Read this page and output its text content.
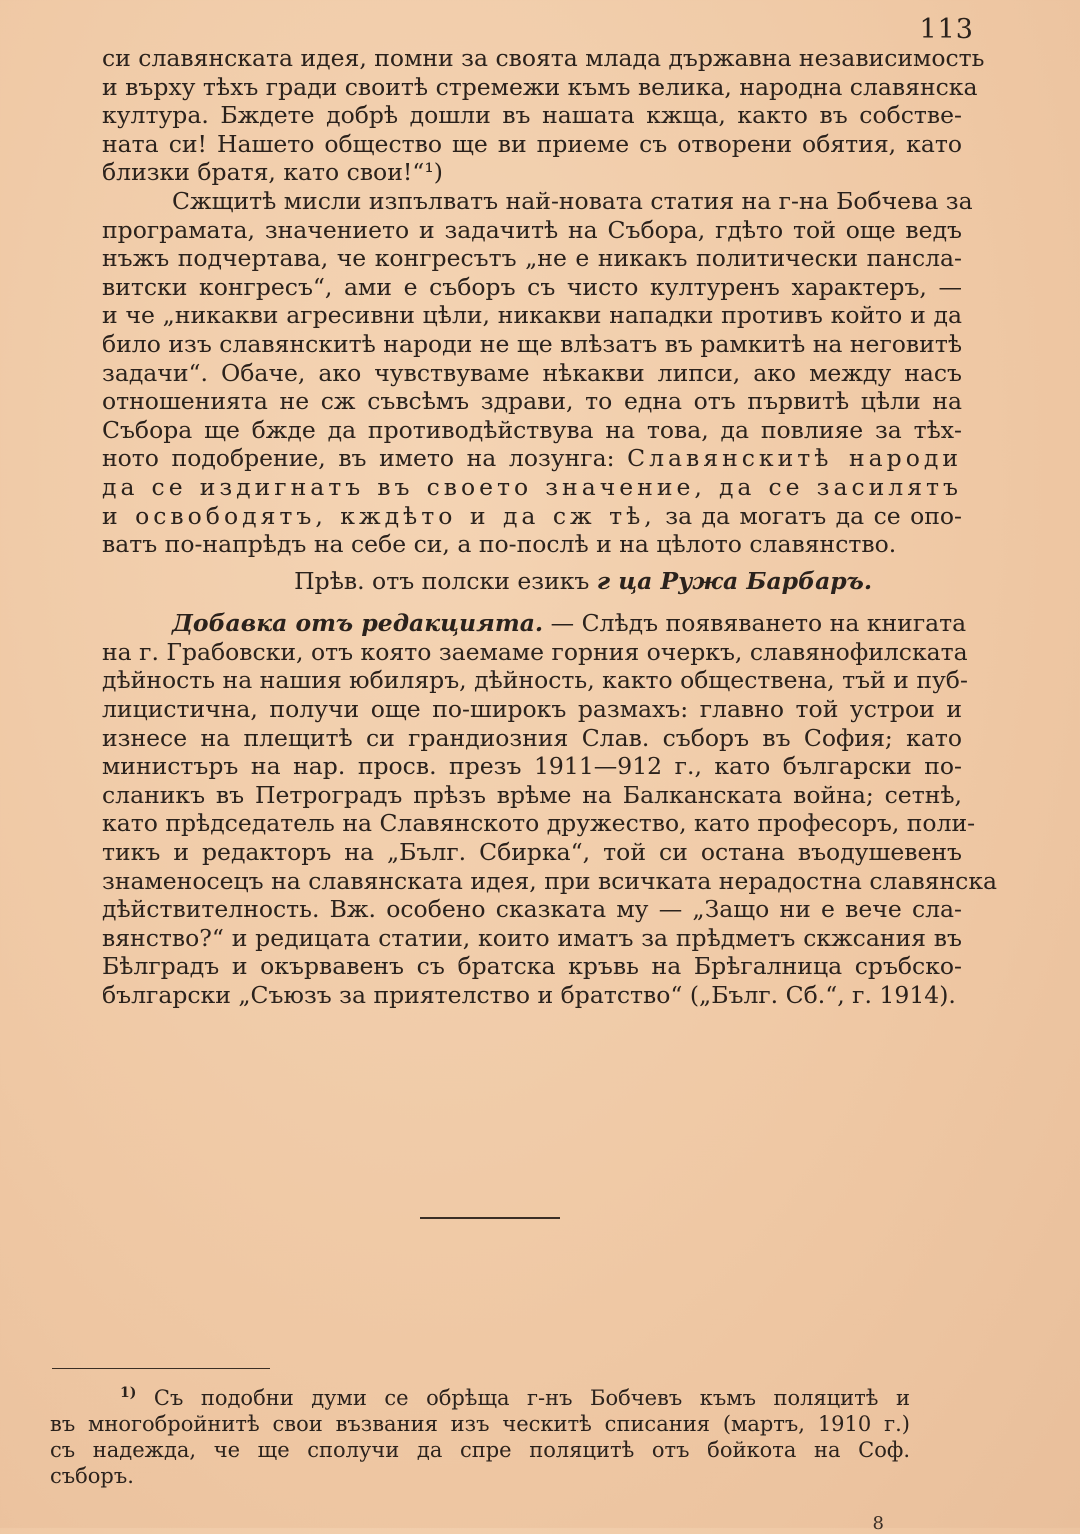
113
си славянската идея, помни за своята млада държавна независимость
и върху тѣхъ гради своитѣ стремежи къмъ велика, народна славянска
култура. Бждете добрѣ дошли въ нашата кжща, както въ собстве-
ната си! Нашето общество ще ви приеме съ отворени обятия, като
близки братя, като свои!“¹)
Сжщитѣ мисли изпълватъ най-новата статия на г-на Бобчева за
програмата, значението и задачитѣ на Събора, гдѣто той още ведъ
нъжъ подчертава, че конгресътъ „не е никакъ политически панслa-
витски конгресъ“, ами е съборъ съ чисто културенъ характеръ, —
и че „никакви агресивни цѣли, никакви нападки противъ който и да
било изъ славянскитѣ народи не ще влѣзатъ въ рамкитѣ на неговитѣ
задачи“. Обаче, ако чувствуваме нѣкакви липси, ако между насъ
отношенията не сж съвсѣмъ здрави, то една отъ първитѣ цѣли на
Събора ще бжде да противодѣйствува на това, да повлияе за тѣх-
ното подобрение, въ името на лозунга: Славянскитѣ народи
да се издигнатъ въ своето значение, да се засилятъ
и освободятъ, кждѣто и да сж тѣ, за да могатъ да се опо-
ватъ по-напрѣдъ на себе си, а по-послѣ и на цѣлото славянство.
Прѣв. отъ полски езикъ г ца Ружа Барбаръ.
Добавка отъ редакцията. — Слѣдъ появяването на книгата
на г. Грабовски, отъ която заемаме горния очеркъ, славянофилската
дѣйность на нашия юбиляръ, дѣйность, както обществена, тъй и пуб-
лицистична, получи още по-широкъ размахъ: главно той устрои и
изнесе на плещитѣ си грандиозния Слав. съборъ въ София; като
министъръ на нар. просв. презъ 1911—912 г., като български по-
сланикъ въ Петроградъ прѣзъ врѣме на Балканската война; сетнѣ,
като прѣдседатель на Славянското дружество, като професоръ, поли-
тикъ и редакторъ на „Бълг. Сбирка“, той си остана въодушевенъ
знаменосецъ на славянската идея, при всичката нерадостна славянска
дѣйствителность. Вж. особено сказката му — „Защо ни е вече сла-
вянство?“ и редицата статии, които иматъ за прѣдметъ скжсания въ
Бѣлградъ и окървавенъ съ братска кръвь на Брѣгалница сръбско-
български „Съюзъ за приятелство и братство“ („Бълг. Сб.“, г. 1914).
$^{1)}$ Съ подобни думи се обрѣща г-нъ Бобчевъ къмъ поляцитѣ и
въ многобройнитѣ свои възвания изъ ческитѣ списания (мартъ, 1910 г.)
съ надежда, че ще сполучи да спре поляцитѣ отъ бойкота на Соф.
съборъ.
8
